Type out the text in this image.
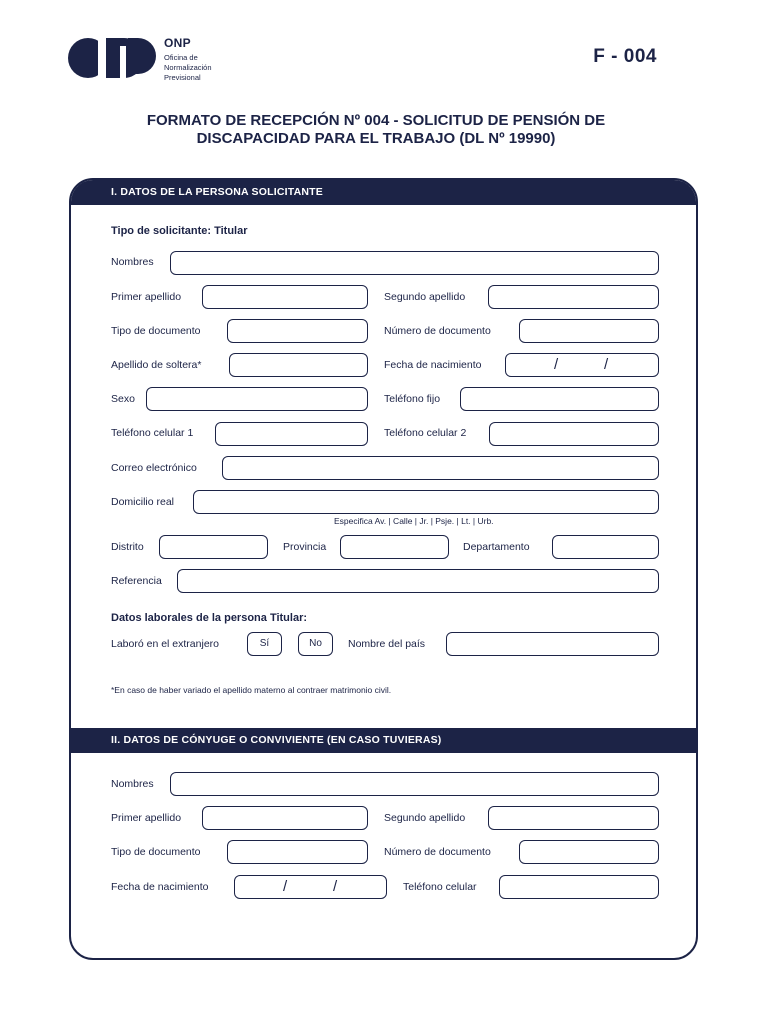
ONP
Oficina de
Normalización
Previsional
F - 004
FORMATO DE RECEPCIÓN Nº 004 - SOLICITUD DE PENSIÓN DE
DISCAPACIDAD PARA EL TRABAJO (DL Nº 19990)
I. DATOS DE LA PERSONA SOLICITANTE
Tipo de solicitante: Titular
Nombres
Primer apellido	Segundo apellido
Tipo de documento	Número de documento
Apellido de soltera*	Fecha de nacimiento	/	/
Sexo	Teléfono fijo
Teléfono celular 1	Teléfono celular 2
Correo electrónico
Domicilio real
Especifica Av. | Calle | Jr. | Psje. | Lt. | Urb.
Distrito	Provincia	Departamento
Referencia
Datos laborales de la persona Titular:
Laboró en el extranjero	Sí	No	Nombre del país
*En caso de haber variado el apellido materno al contraer matrimonio civil.
II. DATOS DE CÓNYUGE O CONVIVIENTE (EN CASO TUVIERAS)
Nombres
Primer apellido	Segundo apellido
Tipo de documento	Número de documento
Fecha de nacimiento	/	/	Teléfono celular
